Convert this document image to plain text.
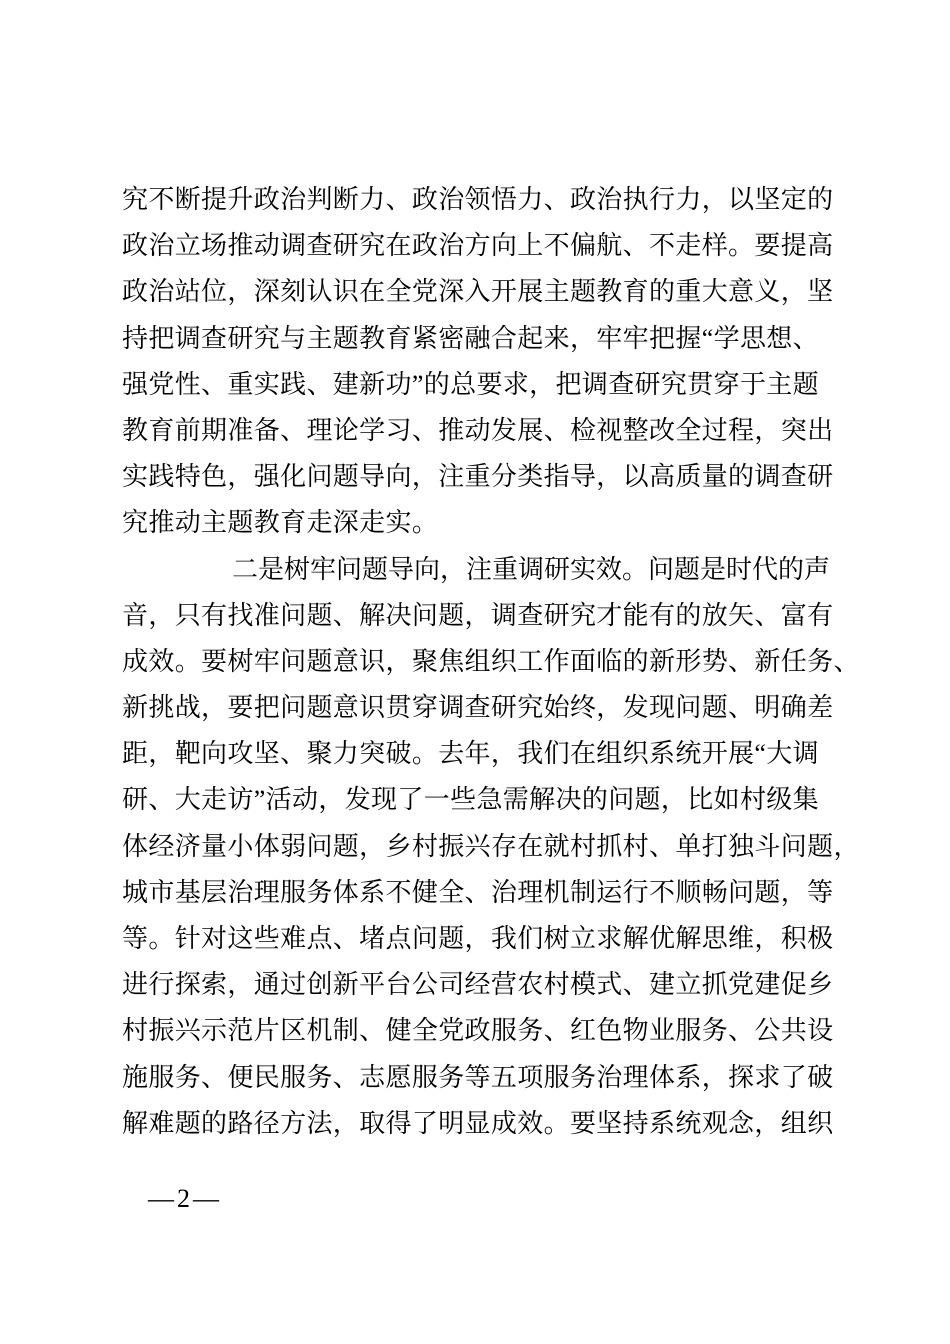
究不断提升政治判断力、政治领悟力、政治执行力，以坚定的

政治立场推动调查研究在政治方向上不偏航、不走样。要提高

政治站位，深刻认识在全党深入开展主题教育的重大意义，坚

持把调查研究与主题教育紧密融合起来，牢牢把握“学思想、

强党性、重实践、建新功”的总要求，把调查研究贯穿于主题

教育前期准备、理论学习、推动发展、检视整改全过程，突出

实践特色，强化问题导向，注重分类指导，以高质量的调查研

究推动主题教育走深走实。

二是树牢问题导向，注重调研实效。问题是时代的声

音，只有找准问题、解决问题，调查研究才能有的放矢、富有

成效。要树牢问题意识，聚焦组织工作面临的新形势、新任务、

新挑战，要把问题意识贯穿调查研究始终，发现问题、明确差

距，靶向攻坚、聚力突破。去年，我们在组织系统开展“大调

研、大走访”活动，发现了一些急需解决的问题，比如村级集

体经济量小体弱问题，乡村振兴存在就村抓村、单打独斗问题，

城市基层治理服务体系不健全、治理机制运行不顺畅问题，等

等。针对这些难点、堵点问题，我们树立求解优解思维，积极

进行探索，通过创新平台公司经营农村模式、建立抓党建促乡

村振兴示范片区机制、健全党政服务、红色物业服务、公共设

施服务、便民服务、志愿服务等五项服务治理体系，探求了破

解难题的路径方法，取得了明显成效。要坚持系统观念，组织

—2—
